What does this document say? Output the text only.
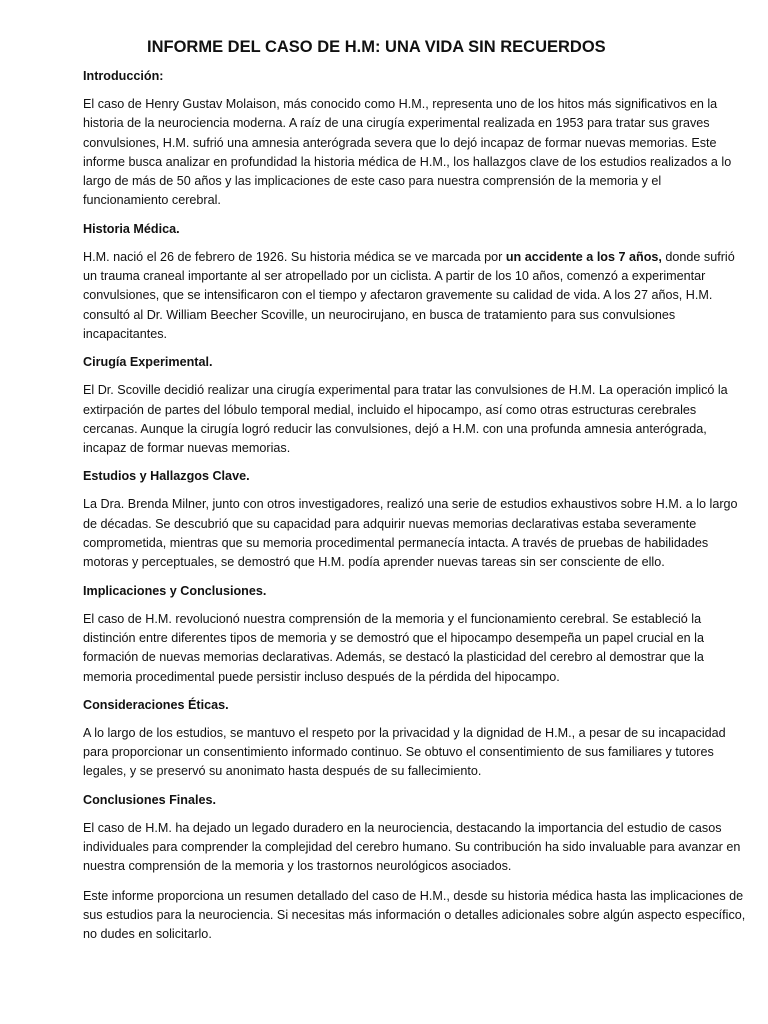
INFORME DEL CASO DE H.M: UNA VIDA SIN RECUERDOS
Introducción:

El caso de Henry Gustav Molaison, más conocido como H.M., representa uno de los hitos más significativos en la historia de la neurociencia moderna. A raíz de una cirugía experimental realizada en 1953 para tratar sus graves convulsiones, H.M. sufrió una amnesia anterógrada severa que lo dejó incapaz de formar nuevas memorias. Este informe busca analizar en profundidad la historia médica de H.M., los hallazgos clave de los estudios realizados a lo largo de más de 50 años y las implicaciones de este caso para nuestra comprensión de la memoria y el funcionamiento cerebral.

Historia Médica.

H.M. nació el 26 de febrero de 1926. Su historia médica se ve marcada por un accidente a los 7 años, donde sufrió un trauma craneal importante al ser atropellado por un ciclista. A partir de los 10 años, comenzó a experimentar convulsiones, que se intensificaron con el tiempo y afectaron gravemente su calidad de vida. A los 27 años, H.M. consultó al Dr. William Beecher Scoville, un neurocirujano, en busca de tratamiento para sus convulsiones incapacitantes.

Cirugía Experimental.

El Dr. Scoville decidió realizar una cirugía experimental para tratar las convulsiones de H.M. La operación implicó la extirpación de partes del lóbulo temporal medial, incluido el hipocampo, así como otras estructuras cerebrales cercanas. Aunque la cirugía logró reducir las convulsiones, dejó a H.M. con una profunda amnesia anterógrada, incapaz de formar nuevas memorias.

Estudios y Hallazgos Clave.

La Dra. Brenda Milner, junto con otros investigadores, realizó una serie de estudios exhaustivos sobre H.M. a lo largo de décadas. Se descubrió que su capacidad para adquirir nuevas memorias declarativas estaba severamente comprometida, mientras que su memoria procedimental permanecía intacta. A través de pruebas de habilidades motoras y perceptuales, se demostró que H.M. podía aprender nuevas tareas sin ser consciente de ello.

Implicaciones y Conclusiones.

El caso de H.M. revolucionó nuestra comprensión de la memoria y el funcionamiento cerebral. Se estableció la distinción entre diferentes tipos de memoria y se demostró que el hipocampo desempeña un papel crucial en la formación de nuevas memorias declarativas. Además, se destacó la plasticidad del cerebro al demostrar que la memoria procedimental puede persistir incluso después de la pérdida del hipocampo.

Consideraciones Éticas.

A lo largo de los estudios, se mantuvo el respeto por la privacidad y la dignidad de H.M., a pesar de su incapacidad para proporcionar un consentimiento informado continuo. Se obtuvo el consentimiento de sus familiares y tutores legales, y se preservó su anonimato hasta después de su fallecimiento.

Conclusiones Finales.

El caso de H.M. ha dejado un legado duradero en la neurociencia, destacando la importancia del estudio de casos individuales para comprender la complejidad del cerebro humano. Su contribución ha sido invaluable para avanzar en nuestra comprensión de la memoria y los trastornos neurológicos asociados.

Este informe proporciona un resumen detallado del caso de H.M., desde su historia médica hasta las implicaciones de sus estudios para la neurociencia. Si necesitas más información o detalles adicionales sobre algún aspecto específico, no dudes en solicitarlo.
